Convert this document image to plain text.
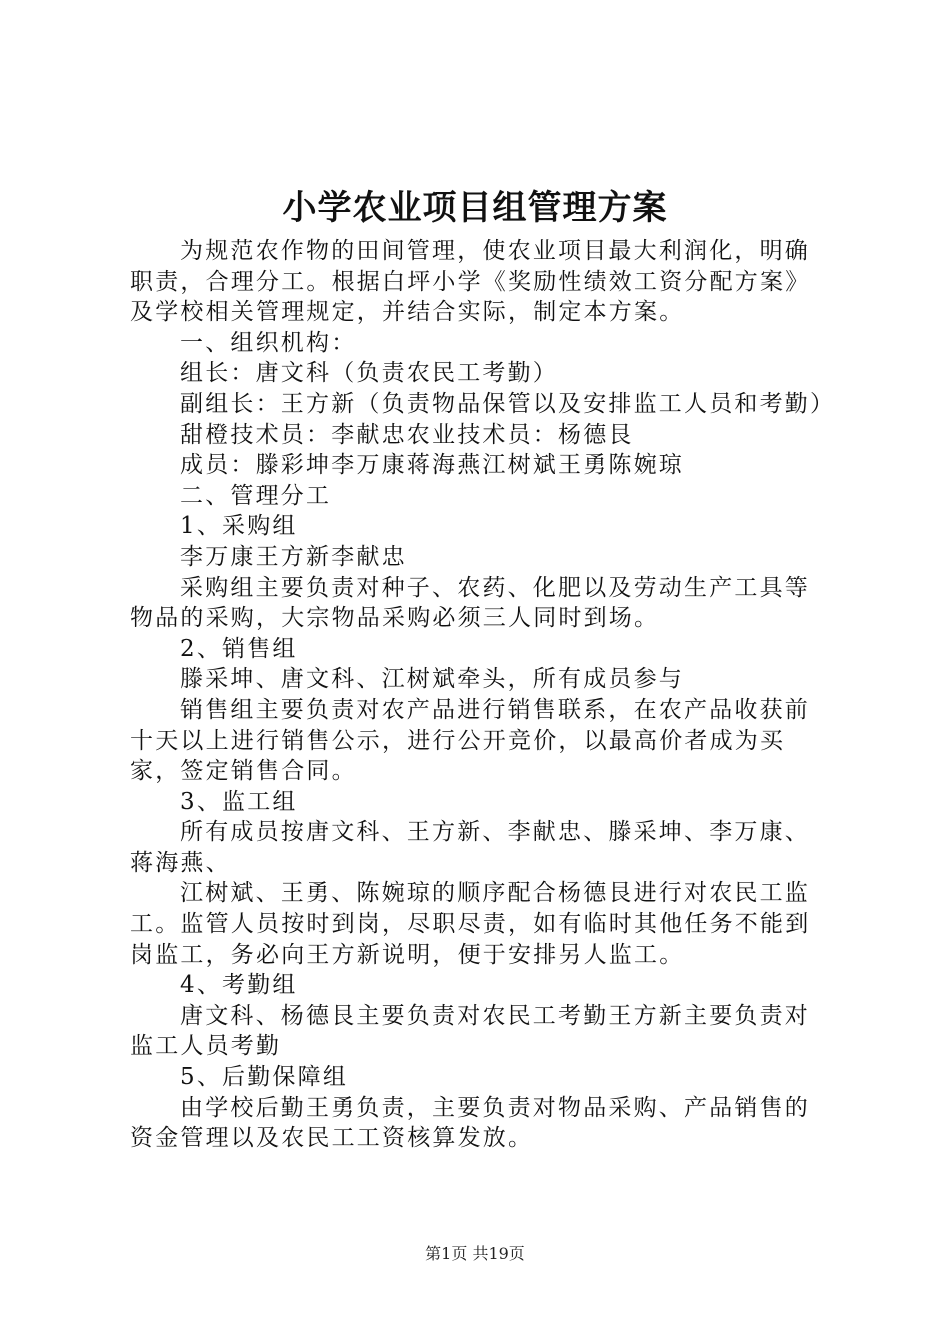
小学农业项目组管理方案

为规范农作物的田间管理，使农业项目最大利润化，明确职责，合理分工。根据白坪小学《奖励性绩效工资分配方案》及学校相关管理规定，并结合实际，制定本方案。

一、组织机构：

组长：唐文科（负责农民工考勤）

副组长：王方新（负责物品保管以及安排监工人员和考勤）

甜橙技术员：李献忠农业技术员：杨德艮

成员：滕彩坤李万康蒋海燕江树斌王勇陈婉琼

二、管理分工

1、采购组

李万康王方新李献忠

采购组主要负责对种子、农药、化肥以及劳动生产工具等物品的采购，大宗物品采购必须三人同时到场。

2、销售组

滕采坤、唐文科、江树斌牵头，所有成员参与

销售组主要负责对农产品进行销售联系，在农产品收获前十天以上进行销售公示，进行公开竞价，以最高价者成为买家，签定销售合同。

3、监工组

所有成员按唐文科、王方新、李献忠、滕采坤、李万康、蒋海燕、

江树斌、王勇、陈婉琼的顺序配合杨德艮进行对农民工监工。监管人员按时到岗，尽职尽责，如有临时其他任务不能到岗监工，务必向王方新说明，便于安排另人监工。

4、考勤组

唐文科、杨德艮主要负责对农民工考勤王方新主要负责对监工人员考勤

5、后勤保障组

由学校后勤王勇负责，主要负责对物品采购、产品销售的资金管理以及农民工工资核算发放。

第1页 共19页
